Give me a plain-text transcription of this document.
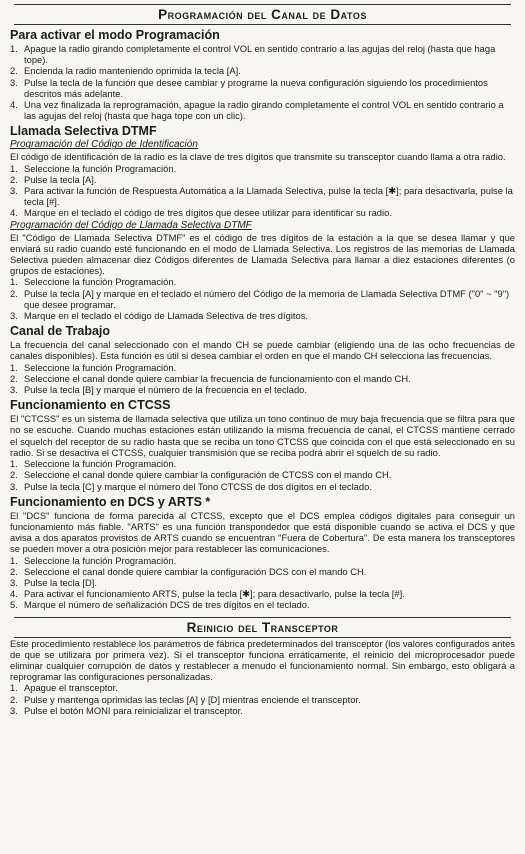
Programación del Canal de Datos
Para activar el modo Programación
1. Apague la radio girando completamente el control VOL en sentido contrario a las agujas del reloj (hasta que haga tope).
2. Encienda la radio manteniendo oprimida la tecla [A].
3. Pulse la tecla de la función que desee cambiar y programe la nueva configuración siguiendo los procedimientos descritos más adelante.
4. Una vez finalizada la reprogramación, apague la radio girando completamente el control VOL en sentido contrario a las agujas del reloj (hasta que haga tope con un clic).
Llamada Selectiva DTMF
Programación del Código de Identificación

El código de identificación de la radio es la clave de tres dígitos que transmite su transceptor cuando llama a otra radio.

1. Seleccione la función Programación.
2. Pulse la tecla [A].
3. Para activar la función de Respuesta Automática a la Llamada Selectiva, pulse la tecla [✱]; para desactivarla, pulse la tecla [#].
4. Marque en el teclado el código de tres dígitos que desee utilizar para identificar su radio.
Programación del Código de Llamada Selectiva DTMF

El "Código de Llamada Selectiva DTMF" es el código de tres dígitos de la estación a la que se desea llamar y que enviará su radio cuando esté funcionando en el modo de Llamada Selectiva. Los registros de las memorias de Llamada Selectiva pueden almacenar diez Códigos diferentes de Llamada Selectiva para llamar a diez estaciones diferentes (o grupos de estaciones).

1. Seleccione la función Programación.
2. Pulse la tecla [A] y marque en el teclado el número del Código de la memoria de Llamada Selectiva DTMF ("0" ~ "9") que desee programar.
3. Marque en el teclado el código de Llamada Selectiva de tres dígitos.
Canal de Trabajo

La frecuencia del canal seleccionado con el mando CH se puede cambiar (eligiendo una de las ocho frecuencias de canales disponibles). Esta función es útil si desea cambiar el orden en que el mando CH selecciona las frecuencias.

1. Seleccione la función Programación.
2. Seleccione el canal donde quiere cambiar la frecuencia de funcionamiento con el mando CH.
3. Pulse la tecla [B] y marque el número de la frecuencia en el teclado.
Funcionamiento en CTCSS

El "CTCSS" es un sistema de llamada selectiva que utiliza un tono continuo de muy baja frecuencia que se filtra para que no se escuche. Cuando muchas estaciones están utilizando la misma frecuencia de canal, el CTCSS mantiene cerrado el squelch del receptor de su radio hasta que se reciba un tono CTCSS que coincida con el que está seleccionado en su radio. Si se desactiva el CTCSS, cualquier transmisión que se reciba podrá abrir el squelch de su radio.

1. Seleccione la función Programación.
2. Seleccione el canal donde quiere cambiar la configuración de CTCSS con el mando CH.
3. Pulse la tecla [C] y marque el número del Tono CTCSS de dos dígitos en el teclado.
Funcionamiento en DCS y ARTS *

El "DCS" funciona de forma parecida al CTCSS, excepto que el DCS emplea códigos digitales para conseguir un funcionamiento más fiable. "ARTS" es una función transpondedor que está disponible cuando se activa el DCS y que avisa a dos aparatos provistos de ARTS cuando se encuentran "Fuera de Cobertura". De esta manera los transceptores se pueden mover a otra posición mejor para restablecer las comunicaciones.

1. Seleccione la función Programación.
2. Seleccione el canal donde quiere cambiar la configuración DCS con el mando CH.
3. Pulse la tecla [D].
4. Para activar el funcionamiento ARTS, pulse la tecla [✱]; para desactivarlo, pulse la tecla [#].
5. Marque el número de señalización DCS de tres dígitos en el teclado.
Reinicio del Transceptor

Este procedimiento restablece los parámetros de fábrica predeterminados del transceptor (los valores configurados antes de que se utilizara por primera vez). Si el transceptor funciona erráticamente, el reinicio del microprocesador puede eliminar cualquier corrupción de datos y restablecer a menudo el funcionamiento normal. Sin embargo, esto obligará a reprogramar las configuraciones personalizadas.

1. Apague el transceptor.
2. Pulse y mantenga oprimidas las teclas [A] y [D] mientras enciende el transceptor.
3. Pulse el botón MONI para reinicializar el transceptor.
